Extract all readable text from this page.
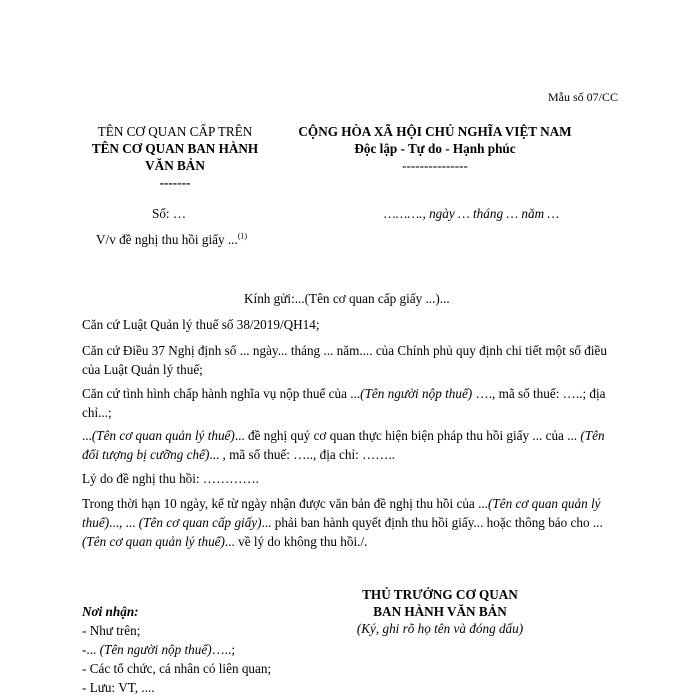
Mẫu số 07/CC
TÊN CƠ QUAN CẤP TRÊN
TÊN CƠ QUAN BAN HÀNH
VĂN BẢN
-------
CỘNG HÒA XÃ HỘI CHỦ NGHĨA VIỆT NAM
Độc lập - Tự do - Hạnh phúc
---------------
Số: …	………., ngày … tháng … năm …
V/v đề nghị thu hồi giấy ...$^{(1)}$
Kính gửi:...(Tên cơ quan cấp giấy ...)...
Căn cứ Luật Quản lý thuế số 38/2019/QH14;
Căn cứ Điều 37 Nghị định số ... ngày... tháng ... năm.... của Chính phủ quy định chi tiết một số điều của Luật Quản lý thuế;
Căn cứ tình hình chấp hành nghĩa vụ nộp thuế của ...(Tên người nộp thuế) …., mã số thuế: …..; địa chỉ...;
...(Tên cơ quan quản lý thuế)... đề nghị quý cơ quan thực hiện biện pháp thu hồi giấy ... của ... (Tên đối tượng bị cưỡng chế)... , mã số thuế: ….., địa chỉ: ……..
Lý do đề nghị thu hồi: ………….
Trong thời hạn 10 ngày, kể từ ngày nhận được văn bản đề nghị thu hồi của ...(Tên cơ quan quản lý thuế)..., ... (Tên cơ quan cấp giấy)... phải ban hành quyết định thu hồi giấy... hoặc thông báo cho ...(Tên cơ quan quản lý thuế)... về lý do không thu hồi./.
Nơi nhận:
- Như trên;
-... (Tên người nộp thuế)…..;
- Các tổ chức, cá nhân có liên quan;
- Lưu: VT, ....
THỦ TRƯỞNG CƠ QUAN
BAN HÀNH VĂN BẢN
(Ký, ghi rõ họ tên và đóng dấu)
